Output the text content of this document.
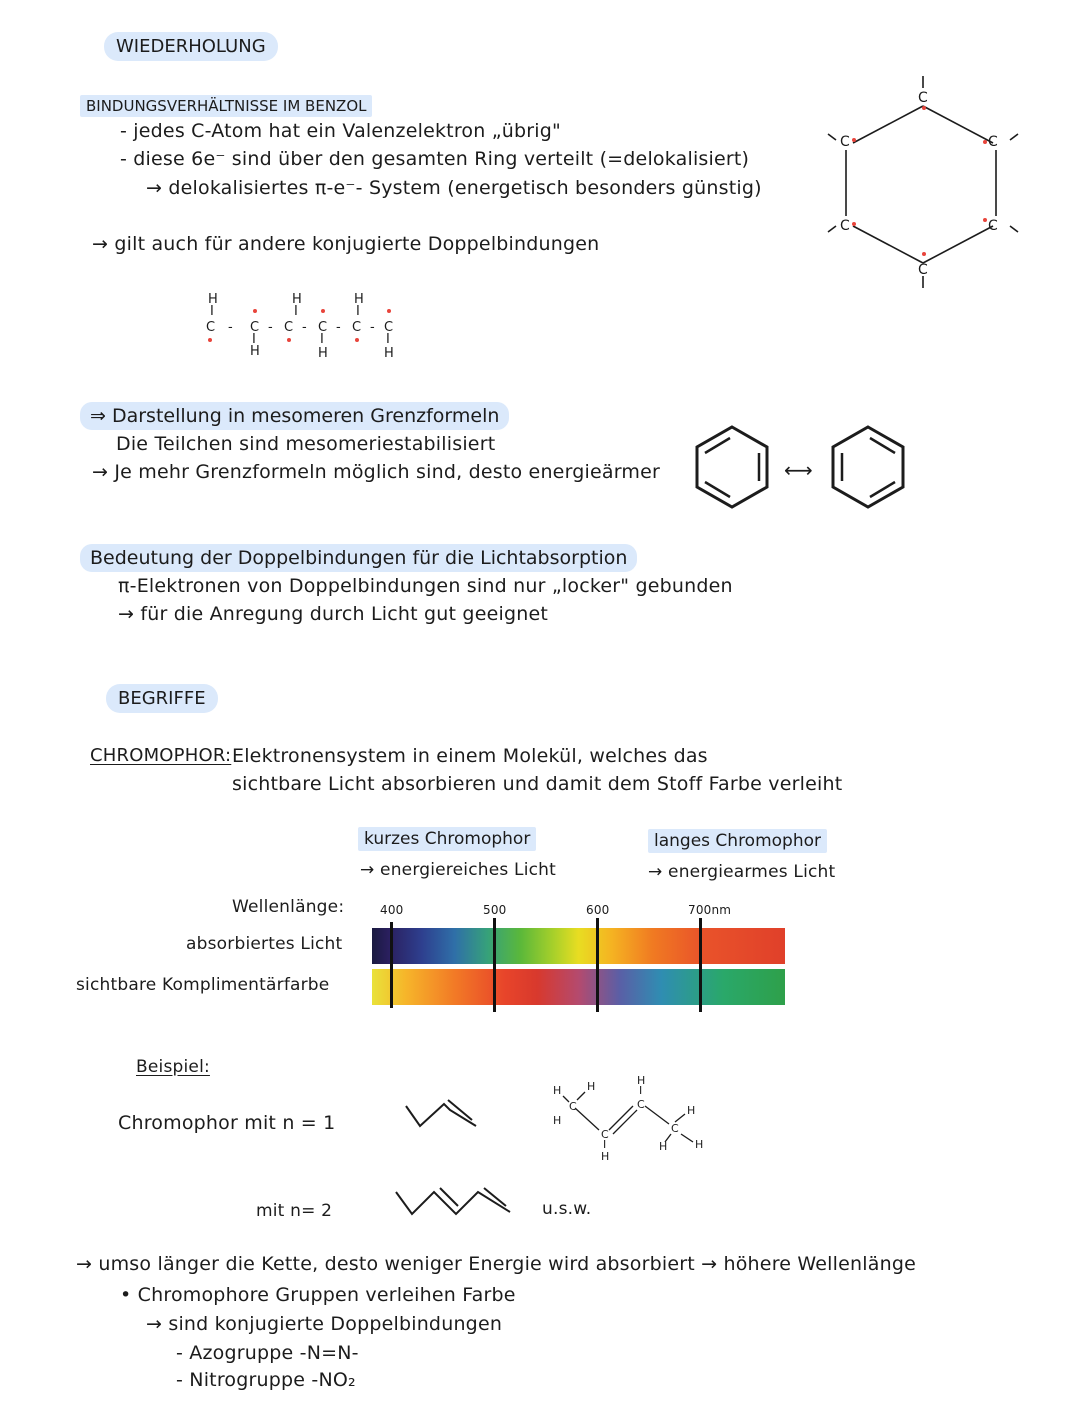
WIEDERHOLUNG
BINDUNGSVERHÄLTNISSE IM BENZOL
- jedes C-Atom hat ein Valenzelektron „übrig"
- diese 6e⁻ sind über den gesamten Ring verteilt (=delokalisiert)
→ delokalisiertes π-e⁻- System (energetisch besonders günstig)
→ gilt auch für andere konjugierte Doppelbindungen
C
C	C
C	C
C
H	H	H
I	I	I
C - C - C - C - C - C
I	I	I
H	H	H
⇒ Darstellung in mesomeren Grenzformeln
Die Teilchen sind mesomeriestabilisiert
→ Je mehr Grenzformeln möglich sind, desto energieärmer	⟷
Bedeutung der Doppelbindungen für die Lichtabsorption
π-Elektronen von Doppelbindungen sind nur „locker" gebunden
→ für die Anregung durch Licht gut geeignet
BEGRIFFE
CHROMOPHOR: Elektronensystem in einem Molekül, welches das
sichtbare Licht absorbieren und damit dem Stoff Farbe verleiht
kurzes Chromophor
→ energiereiches Licht
langes Chromophor
→ energiearmes Licht
Wellenlänge:	400	500	600	700nm
absorbiertes Licht
sichtbare Komplimentärfarbe
Beispiel:
Chromophor mit n = 1
mit n= 2	u.s.w.
H H
C
H
C
I
H
H
I
C
C
H
H	H
→ umso länger die Kette, desto weniger Energie wird absorbiert → höhere Wellenlänge
• Chromophore Gruppen verleihen Farbe
→ sind konjugierte Doppelbindungen
- Azogruppe -N=N-
- Nitrogruppe -NO₂
